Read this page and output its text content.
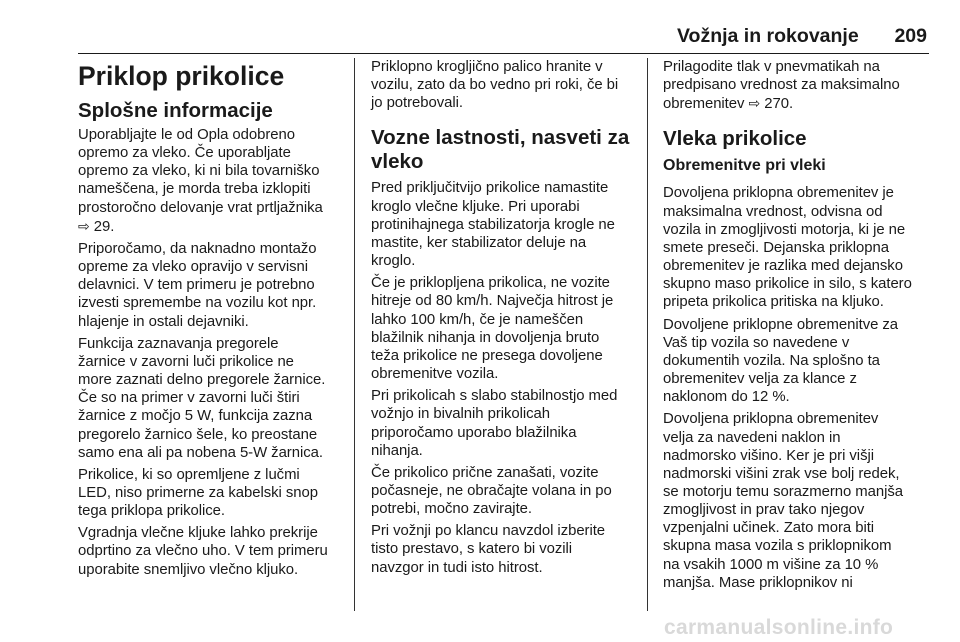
Vožnja in rokovanje 209
Priklop prikolice
Splošne informacije
Uporabljajte le od Opla odobreno
opremo za vleko. Če uporabljate
opremo za vleko, ki ni bila tovarniško
nameščena, je morda treba izklopiti
prostoročno delovanje vrat prtljažnika
⇨ 29.
Priporočamo, da naknadno montažo
opreme za vleko opravijo v servisni
delavnici. V tem primeru je potrebno
izvesti spremembe na vozilu kot npr.
hlajenje in ostali dejavniki.
Funkcija zaznavanja pregorele
žarnice v zavorni luči prikolice ne
more zaznati delno pregorele žarnice.
Če so na primer v zavorni luči štiri
žarnice z močjo 5 W, funkcija zazna
pregorelo žarnico šele, ko preostane
samo ena ali pa nobena 5-W žarnica.
Prikolice, ki so opremljene z lučmi
LED, niso primerne za kabelski snop
tega priklopa prikolice.
Vgradnja vlečne kljuke lahko prekrije
odprtino za vlečno uho. V tem primeru
uporabite snemljivo vlečno kljuko.
Priklopno krogljično palico hranite v
vozilu, zato da bo vedno pri roki, če bi
jo potrebovali.
Vozne lastnosti, nasveti za
vleko
Pred priključitvijo prikolice namastite
kroglo vlečne kljuke. Pri uporabi
protinihajnega stabilizatorja krogle ne
mastite, ker stabilizator deluje na
kroglo.
Če je priklopljena prikolica, ne vozite
hitreje od 80 km/h. Največja hitrost je
lahko 100 km/h, če je nameščen
blažilnik nihanja in dovoljenja bruto
teža prikolice ne presega dovoljene
obremenitve vozila.
Pri prikolicah s slabo stabilnostjo med
vožnjo in bivalnih prikolicah
priporočamo uporabo blažilnika
nihanja.
Če prikolico prične zanašati, vozite
počasneje, ne obračajte volana in po
potrebi, močno zavirajte.
Pri vožnji po klancu navzdol izberite
tisto prestavo, s katero bi vozili
navzgor in tudi isto hitrost.
Prilagodite tlak v pnevmatikah na
predpisano vrednost za maksimalno
obremenitev ⇨ 270.
Vleka prikolice
Obremenitve pri vleki
Dovoljena priklopna obremenitev je
maksimalna vrednost, odvisna od
vozila in zmogljivosti motorja, ki je ne
smete preseči. Dejanska priklopna
obremenitev je razlika med dejansko
skupno maso prikolice in silo, s katero
pripeta prikolica pritiska na kljuko.
Dovoljene priklopne obremenitve za
Vaš tip vozila so navedene v
dokumentih vozila. Na splošno ta
obremenitev velja za klance z
naklonom do 12 %.
Dovoljena priklopna obremenitev
velja za navedeni naklon in
nadmorsko višino. Ker je pri višji
nadmorski višini zrak vse bolj redek,
se motorju temu sorazmerno manjša
zmogljivost in prav tako njegov
vzpenjalni učinek. Zato mora biti
skupna masa vozila s priklopnikom
na vsakih 1000 m višine za 10 %
manjša. Mase priklopnikov ni
carmanualsonline.info
